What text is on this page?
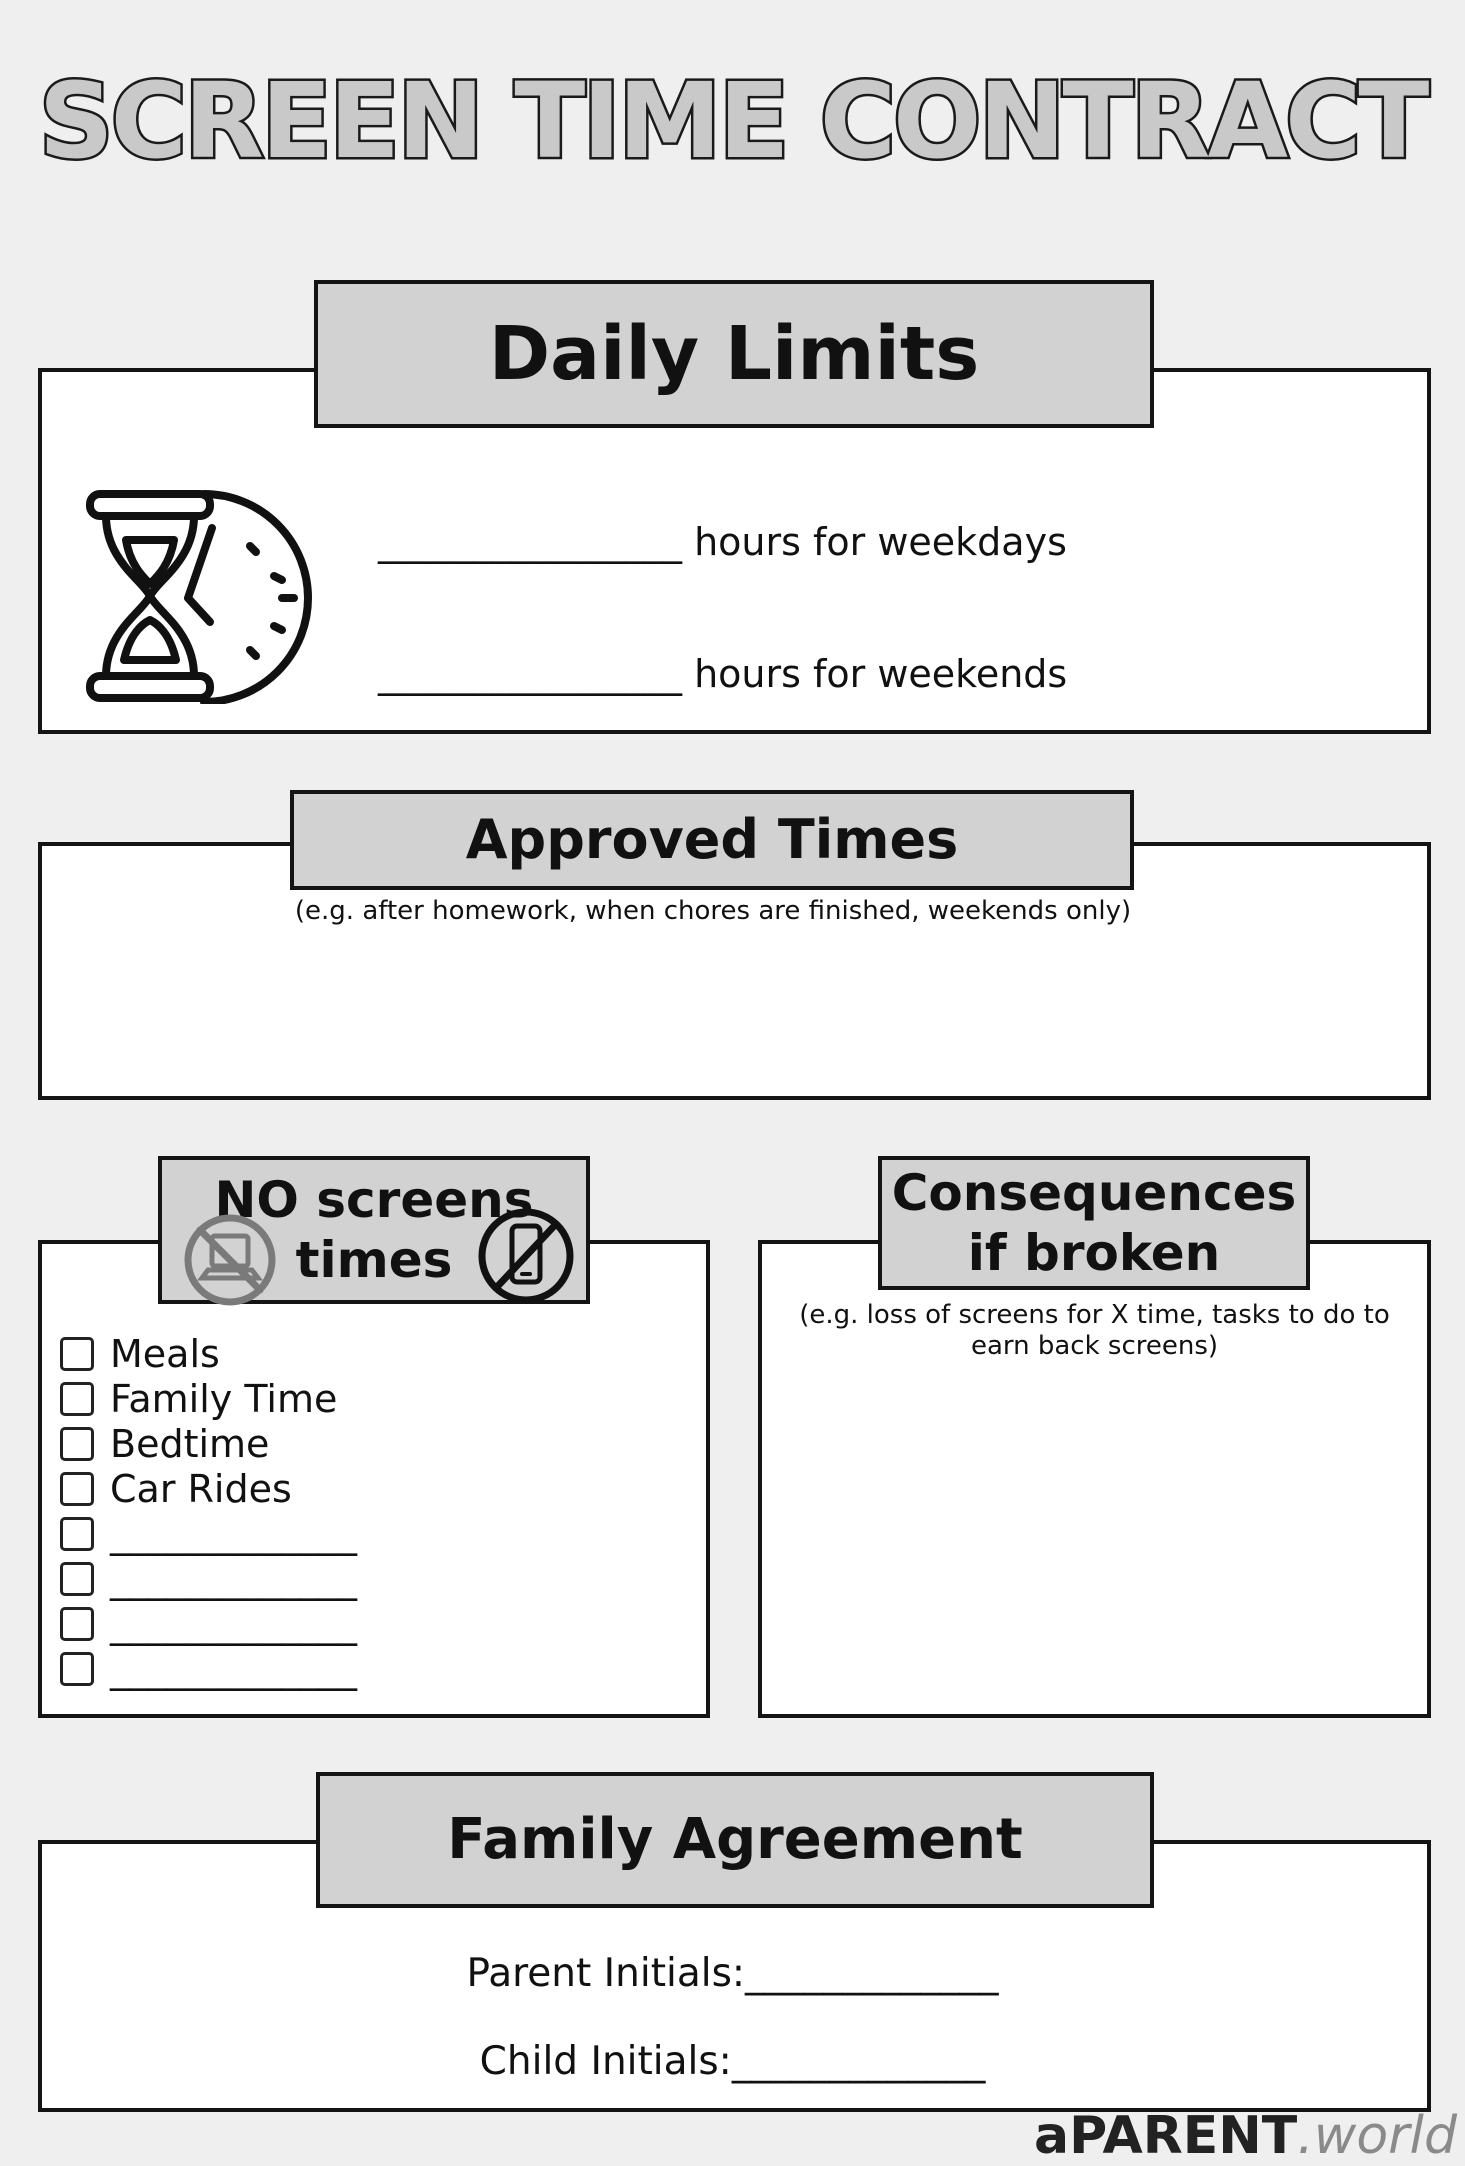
SCREEN TIME CONTRACT
Daily Limits
________________ hours for weekdays
________________ hours for weekends
Approved Times
(e.g. after homework, when chores are finished, weekends only)
NO screens
times
Meals
Family Time
Bedtime
Car Rides
_____________
_____________
_____________
_____________
Consequences
if broken
(e.g. loss of screens for X time, tasks to do to
earn back screens)
Family Agreement
Parent Initials:_____________
Child Initials:_____________
aPARENT.world
